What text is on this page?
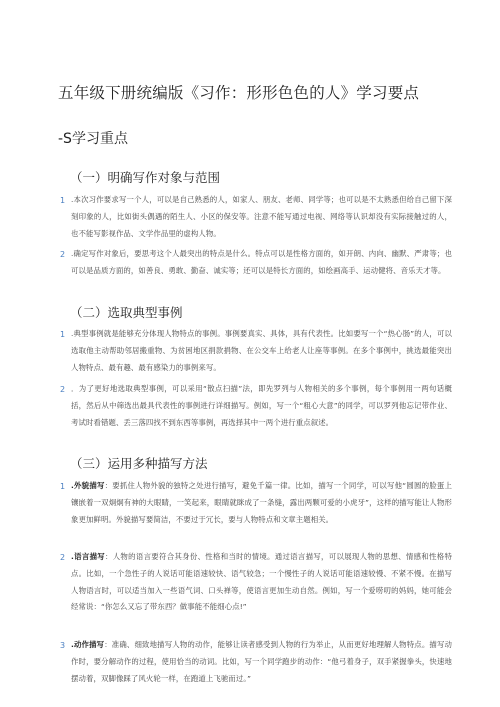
五年级下册统编版《习作：形形色色的人》学习要点
-S学习重点
（一）明确写作对象与范围
1 .本次习作要求写一个人，可以是自己熟悉的人，如家人、朋友、老师、同学等；也可以是不太熟悉但给自己留下深刻印象的人，比如街头偶遇的陌生人、小区的保安等。注意不能写通过电视、网络等认识却没有实际接触过的人，也不能写影视作品、文学作品里的虚构人物。
2 .确定写作对象后，要思考这个人最突出的特点是什么。特点可以是性格方面的，如开朗、内向、幽默、严肃等；也可以是品质方面的，如善良、勇敢、勤奋、诚实等；还可以是特长方面的，如绘画高手、运动健将、音乐天才等。
（二）选取典型事例
1 .典型事例就是能够充分体现人物特点的事例。事例要真实、具体，具有代表性。比如要写一个“热心肠”的人，可以选取他主动帮助邻居搬重物、为贫困地区捐款捐物、在公交车上给老人让座等事例。在多个事例中，挑选最能突出人物特点、最有趣、最有感染力的事例来写。
2 ．为了更好地选取典型事例，可以采用“散点扫描”法，即先罗列与人物相关的多个事例，每个事例用一两句话概括，然后从中筛选出最具代表性的事例进行详细描写。例如，写一个“粗心大意”的同学，可以罗列他忘记带作业、考试时看错题、丢三落四找不到东西等事例，再选择其中一两个进行重点叙述。
（三）运用多种描写方法
1 .外貌描写：要抓住人物外貌的独特之处进行描写，避免千篇一律。比如，描写一个同学，可以写他“圆圆的脸蛋上镶嵌着一双炯炯有神的大眼睛，一笑起来，眼睛就眯成了一条缝，露出两颗可爱的小虎牙”，这样的描写能让人物形象更加鲜明。外貌描写要简洁，不要过于冗长，要与人物特点和文章主题相关。
2 .语言描写：人物的语言要符合其身份、性格和当时的情境。通过语言描写，可以展现人物的思想、情感和性格特点。比如，一个急性子的人说话可能语速较快、语气较急；一个慢性子的人说话可能语速较慢、不紧不慢。在描写人物语言时，可以适当加入一些语气词、口头禅等，使语言更加生动自然。例如，写一个爱唠叨的妈妈，她可能会经常说：“你怎么又忘了带东西？做事能不能细心点!”
3 .动作描写：准确、细致地描写人物的动作，能够让读者感受到人物的行为举止，从而更好地理解人物特点。描写动作时，要分解动作的过程，使用恰当的动词。比如，写一个同学跑步的动作：“他弓着身子，双手紧握拳头，快速地摆动着，双脚像踩了风火轮一样，在跑道上飞驰而过。”
